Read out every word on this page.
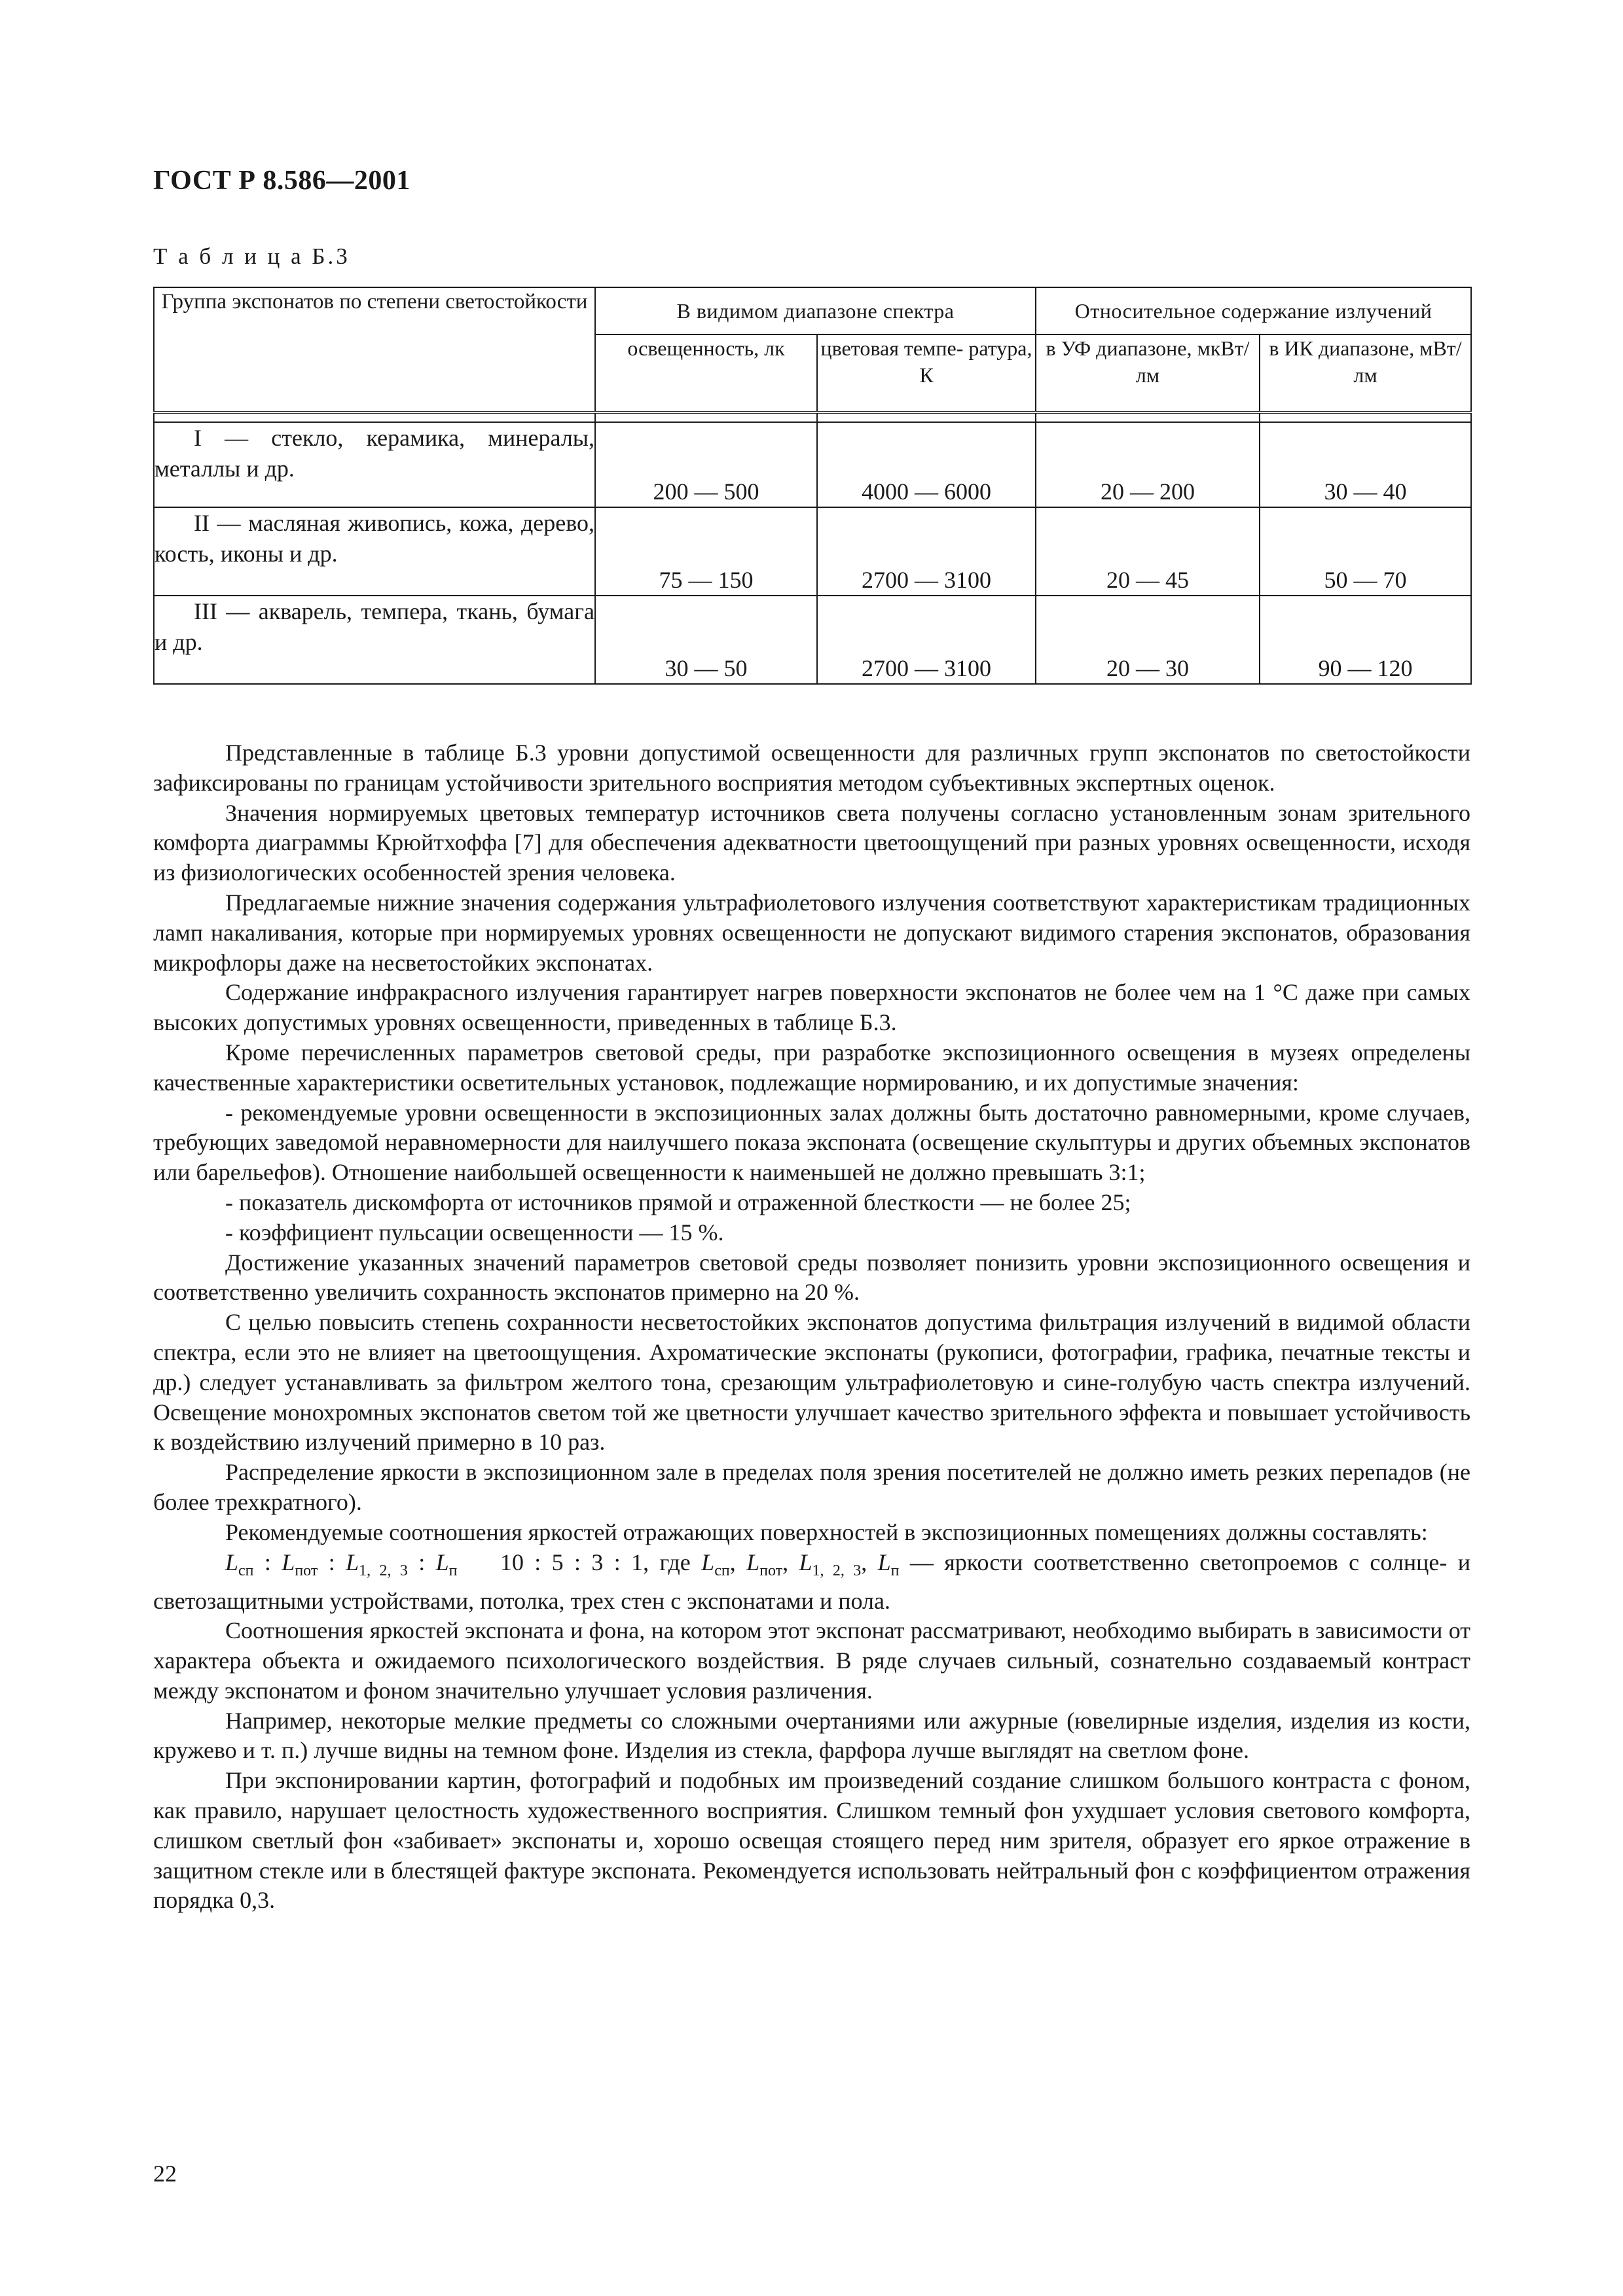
ГОСТ Р 8.586—2001
Т а б л и ц а Б.3
Группа экспонатов по степени светостойкости	В видимом диапазоне спектра		Относительное содержание излучений	
	освещенность, лк	цветовая темпе- ратура, К	в УФ диапазоне, мкВт/лм	в ИК диапазоне, мВт/лм

I — стекло, керамика, минералы, металлы и др.	200 — 500	4000 — 6000	20 — 200	30 — 40
II — масляная живопись, кожа, дерево, кость, иконы и др.	75 — 150	2700 — 3100	20 — 45	50 — 70
III — акварель, темпера, ткань, бумага и др.	30 — 50	2700 — 3100	20 — 30	90 — 120

Представленные в таблице Б.3 уровни допустимой освещенности для различных групп экспонатов по светостойкости зафиксированы по границам устойчивости зрительного восприятия методом субъективных экспертных оценок.

Значения нормируемых цветовых температур источников света получены согласно установленным зонам зрительного комфорта диаграммы Крюйтхоффа [7] для обеспечения адекватности цветоощущений при разных уровнях освещенности, исходя из физиологических особенностей зрения человека.

Предлагаемые нижние значения содержания ультрафиолетового излучения соответствуют характеристикам традиционных ламп накаливания, которые при нормируемых уровнях освещенности не допускают видимого старения экспонатов, образования микрофлоры даже на несветостойких экспонатах.

Содержание инфракрасного излучения гарантирует нагрев поверхности экспонатов не более чем на 1 °С даже при самых высоких допустимых уровнях освещенности, приведенных в таблице Б.3.

Кроме перечисленных параметров световой среды, при разработке экспозиционного освещения в музеях определены качественные характеристики осветительных установок, подлежащие нормированию, и их допустимые значения:

- рекомендуемые уровни освещенности в экспозиционных залах должны быть достаточно равномерными, кроме случаев, требующих заведомой неравномерности для наилучшего показа экспоната (освещение скульптуры и других объемных экспонатов или барельефов). Отношение наибольшей освещенности к наименьшей не должно превышать 3:1;

- показатель дискомфорта от источников прямой и отраженной блесткости — не более 25;

- коэффициент пульсации освещенности — 15 %.

Достижение указанных значений параметров световой среды позволяет понизить уровни экспозиционного освещения и соответственно увеличить сохранность экспонатов примерно на 20 %.

С целью повысить степень сохранности несветостойких экспонатов допустима фильтрация излучений в видимой области спектра, если это не влияет на цветоощущения. Ахроматические экспонаты (рукописи, фотографии, графика, печатные тексты и др.) следует устанавливать за фильтром желтого тона, срезающим ультрафиолетовую и сине-голубую часть спектра излучений. Освещение монохромных экспонатов светом той же цветности улучшает качество зрительного эффекта и повышает устойчивость к воздействию излучений примерно в 10 раз.

Распределение яркости в экспозиционном зале в пределах поля зрения посетителей не должно иметь резких перепадов (не более трехкратного).

Рекомендуемые соотношения яркостей отражающих поверхностей в экспозиционных помещениях должны составлять:

$L_{сп}$ : $L_{пот}$ : $L_{1, 2, 3}$ : $L_п$ 10 : 5 : 3 : 1, где $L_{сп}$, $L_{пот}$, $L_{1, 2, 3}$, $L_п$ — яркости соответственно светопроемов с солнце- и светозащитными устройствами, потолка, трех стен с экспонатами и пола.

Соотношения яркостей экспоната и фона, на котором этот экспонат рассматривают, необходимо выбирать в зависимости от характера объекта и ожидаемого психологического воздействия. В ряде случаев сильный, сознательно создаваемый контраст между экспонатом и фоном значительно улучшает условия различения.

Например, некоторые мелкие предметы со сложными очертаниями или ажурные (ювелирные изделия, изделия из кости, кружево и т. п.) лучше видны на темном фоне. Изделия из стекла, фарфора лучше выглядят на светлом фоне.

При экспонировании картин, фотографий и подобных им произведений создание слишком большого контраста с фоном, как правило, нарушает целостность художественного восприятия. Слишком темный фон ухудшает условия светового комфорта, слишком светлый фон «забивает» экспонаты и, хорошо освещая стоящего перед ним зрителя, образует его яркое отражение в защитном стекле или в блестящей фактуре экспоната. Рекомендуется использовать нейтральный фон с коэффициентом отражения порядка 0,3.

22
